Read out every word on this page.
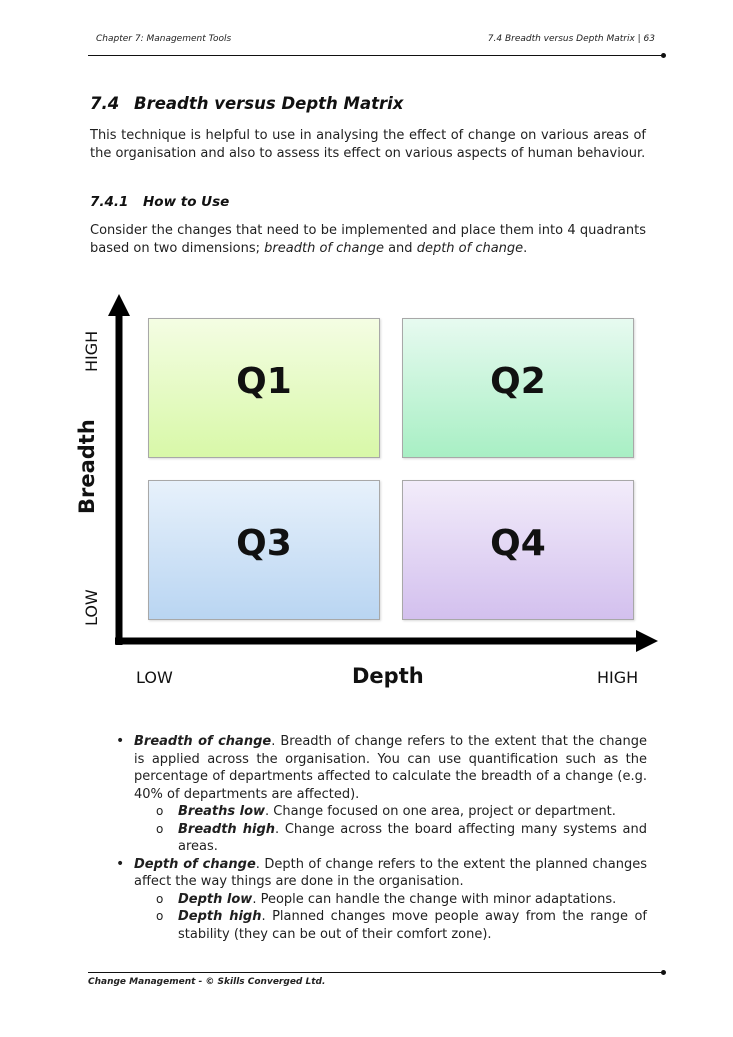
Chapter 7: Management Tools	7.4 Breadth versus Depth Matrix | 63
7.4 Breadth versus Depth Matrix
This technique is helpful to use in analysing the effect of change on various areas of the organisation and also to assess its effect on various aspects of human behaviour.
7.4.1 How to Use
Consider the changes that need to be implemented and place them into 4 quadrants based on two dimensions; breadth of change and depth of change.
Q1	Q2
Q3	Q4
HIGH
LOW
Breadth
LOW	Depth	HIGH
• Breadth of change. Breadth of change refers to the extent that the change is applied across the organisation. You can use quantification such as the percentage of departments affected to calculate the breadth of a change (e.g. 40% of departments are affected).
o Breaths low. Change focused on one area, project or department.
o Breadth high. Change across the board affecting many systems and areas.
• Depth of change. Depth of change refers to the extent the planned changes affect the way things are done in the organisation.
o Depth low. People can handle the change with minor adaptations.
o Depth high. Planned changes move people away from the range of stability (they can be out of their comfort zone).
Change Management - © Skills Converged Ltd.
